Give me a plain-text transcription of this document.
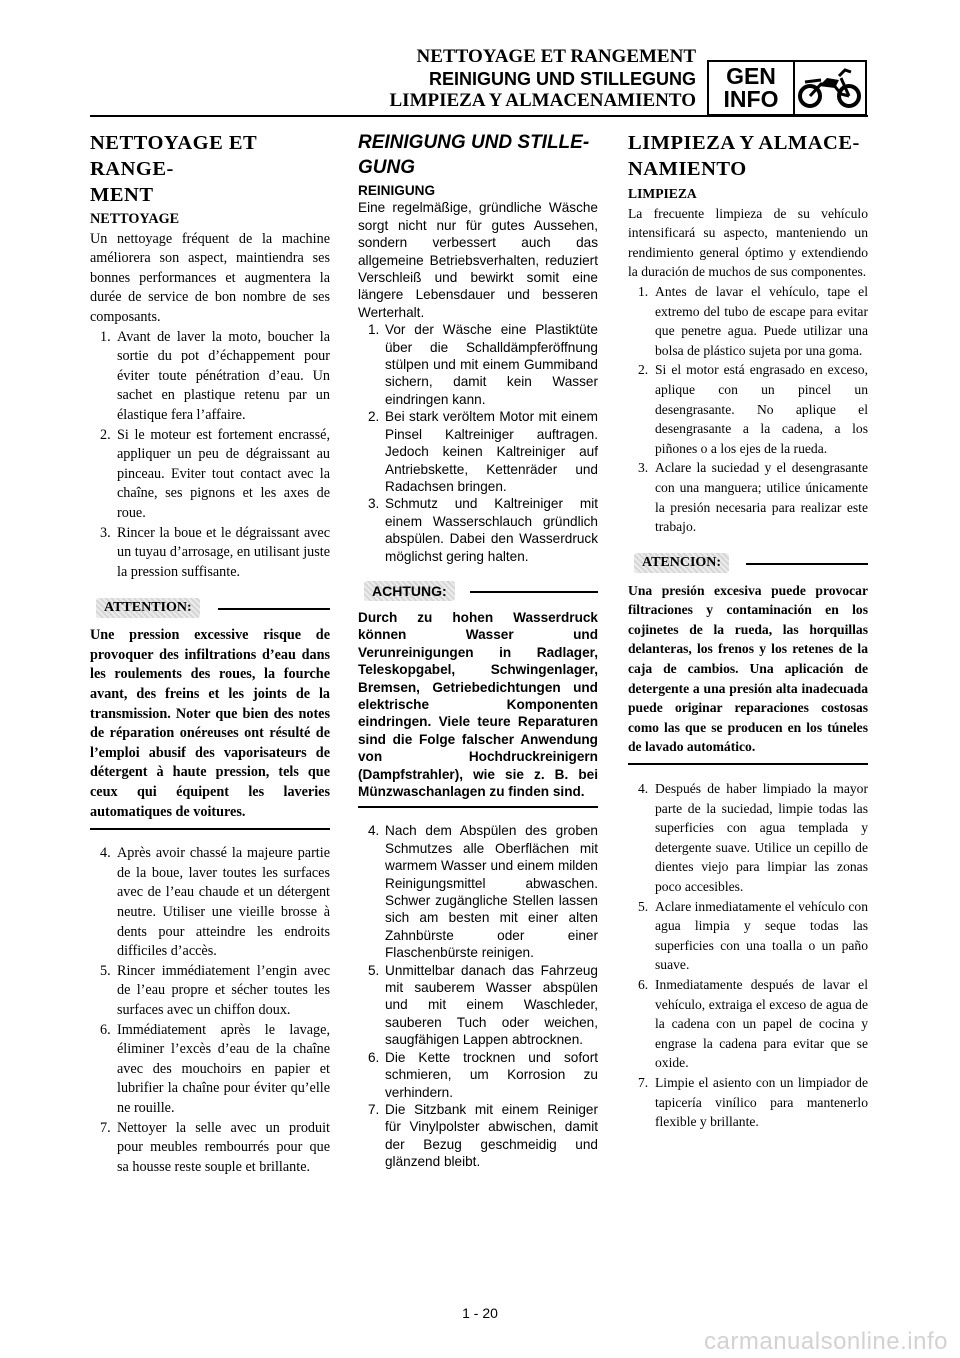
NETTOYAGE ET RANGEMENT
REINIGUNG UND STILLEGUNG
LIMPIEZA Y ALMACENAMIENTO
GEN
INFO
NETTOYAGE ET RANGE-
MENT

NETTOYAGE

Un nettoyage fréquent de la machine améliorera son aspect, maintiendra ses bonnes performances et augmentera la durée de service de bon nombre de ses composants.

1. Avant de laver la moto, boucher la sortie du pot d’échappement pour éviter toute pénétration d’eau. Un sachet en plastique retenu par un élastique fera l’affaire.
2. Si le moteur est fortement encrassé, appliquer un peu de dégraissant au pinceau. Eviter tout contact avec la chaîne, ses pignons et les axes de roue.
3. Rincer la boue et le dégraissant avec un tuyau d’arrosage, en utilisant juste la pression suffisante.
ATTENTION:

Une pression excessive risque de provoquer des infiltrations d’eau dans les roulements des roues, la fourche avant, des freins et les joints de la transmission. Noter que bien des notes de réparation onéreuses ont résulté de l’emploi abusif des vaporisateurs de détergent à haute pression, tels que ceux qui équipent les laveries automatiques de voitures.

4. Après avoir chassé la majeure partie de la boue, laver toutes les surfaces avec de l’eau chaude et un détergent neutre. Utiliser une vieille brosse à dents pour atteindre les endroits difficiles d’accès.
5. Rincer immédiatement l’engin avec de l’eau propre et sécher toutes les surfaces avec un chiffon doux.
6. Immédiatement après le lavage, éliminer l’excès d’eau de la chaîne avec des mouchoirs en papier et lubrifier la chaîne pour éviter qu’elle ne rouille.
7. Nettoyer la selle avec un produit pour meubles rembourrés pour que sa housse reste souple et brillante.
REINIGUNG UND STILLE-
GUNG

REINIGUNG

Eine regelmäßige, gründliche Wäsche sorgt nicht nur für gutes Aussehen, sondern verbessert auch das allgemeine Betriebsverhalten, reduziert Verschleiß und bewirkt somit eine längere Lebensdauer und besseren Werterhalt.

1. Vor der Wäsche eine Plastiktüte über die Schalldämpferöffnung stülpen und mit einem Gummiband sichern, damit kein Wasser eindringen kann.
2. Bei stark veröltem Motor mit einem Pinsel Kaltreiniger auftragen. Jedoch keinen Kaltreiniger auf Antriebskette, Kettenräder und Radachsen bringen.
3. Schmutz und Kaltreiniger mit einem Wasserschlauch gründlich abspülen. Dabei den Wasserdruck möglichst gering halten.
ACHTUNG:

Durch zu hohen Wasserdruck können Wasser und Verunreinigungen in Radlager, Teleskopgabel, Schwingenlager, Bremsen, Getriebedichtungen und elektrische Komponenten eindringen. Viele teure Reparaturen sind die Folge falscher Anwendung von Hochdruckreinigern (Dampfstrahler), wie sie z. B. bei Münzwaschanlagen zu finden sind.

4. Nach dem Abspülen des groben Schmutzes alle Oberflächen mit warmem Wasser und einem milden Reinigungsmittel abwaschen. Schwer zugängliche Stellen lassen sich am besten mit einer alten Zahnbürste oder einer Flaschenbürste reinigen.
5. Unmittelbar danach das Fahrzeug mit sauberem Wasser abspülen und mit einem Waschleder, sauberen Tuch oder weichen, saugfähigen Lappen abtrocknen.
6. Die Kette trocknen und sofort schmieren, um Korrosion zu verhindern.
7. Die Sitzbank mit einem Reiniger für Vinylpolster abwischen, damit der Bezug geschmeidig und glänzend bleibt.
LIMPIEZA Y ALMACE-
NAMIENTO

LIMPIEZA

La frecuente limpieza de su vehículo intensificará su aspecto, manteniendo un rendimiento general óptimo y extendiendo la duración de muchos de sus componentes.

1. Antes de lavar el vehículo, tape el extremo del tubo de escape para evitar que penetre agua. Puede utilizar una bolsa de plástico sujeta por una goma.
2. Si el motor está engrasado en exceso, aplique con un pincel un desengrasante. No aplique el desengrasante a la cadena, a los piñones o a los ejes de la rueda.
3. Aclare la suciedad y el desengrasante con una manguera; utilice únicamente la presión necesaria para realizar este trabajo.
ATENCION:

Una presión excesiva puede provocar filtraciones y contaminación en los cojinetes de la rueda, las horquillas delanteras, los frenos y los retenes de la caja de cambios. Una aplicación de detergente a una presión alta inadecuada puede originar reparaciones costosas como las que se producen en los túneles de lavado automático.

4. Después de haber limpiado la mayor parte de la suciedad, limpie todas las superficies con agua templada y detergente suave. Utilice un cepillo de dientes viejo para limpiar las zonas poco accesibles.
5. Aclare inmediatamente el vehículo con agua limpia y seque todas las superficies con una toalla o un paño suave.
6. Inmediatamente después de lavar el vehículo, extraiga el exceso de agua de la cadena con un papel de cocina y engrase la cadena para evitar que se oxide.
7. Limpie el asiento con un limpiador de tapicería vinílico para mantenerlo flexible y brillante.
1 - 20
carmanualsonline.info
